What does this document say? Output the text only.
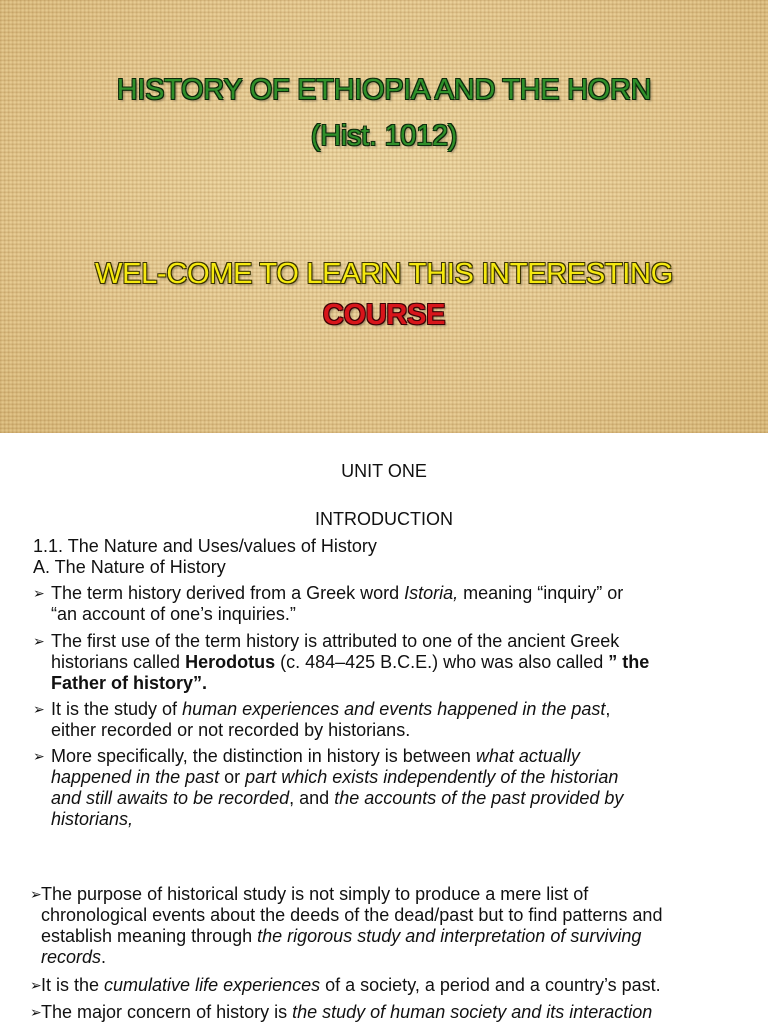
HISTORY OF ETHIOPIA AND THE HORN
(Hist. 1012)
WEL-COME TO LEARN THIS INTERESTING
COURSE
UNIT ONE
INTRODUCTION
1.1. The Nature and Uses/values of History
A. The Nature of History
➢ The term history derived from a Greek word Istoria, meaning “inquiry” or
“an account of one’s inquiries.”
➢ The first use of the term history is attributed to one of the ancient Greek
historians called Herodotus (c. 484–425 B.C.E.) who was also called ” the
Father of history”.
➢ It is the study of human experiences and events happened in the past,
either recorded or not recorded by historians.
➢ More specifically, the distinction in history is between what actually
happened in the past or part which exists independently of the historian
and still awaits to be recorded, and the accounts of the past provided by
historians,
➢ The purpose of historical study is not simply to produce a mere list of
chronological events about the deeds of the dead/past but to find patterns and
establish meaning through the rigorous study and interpretation of surviving
records.
➢ It is the cumulative life experiences of a society, a period and a country’s past.
➢ The major concern of history is the study of human society and its interaction
